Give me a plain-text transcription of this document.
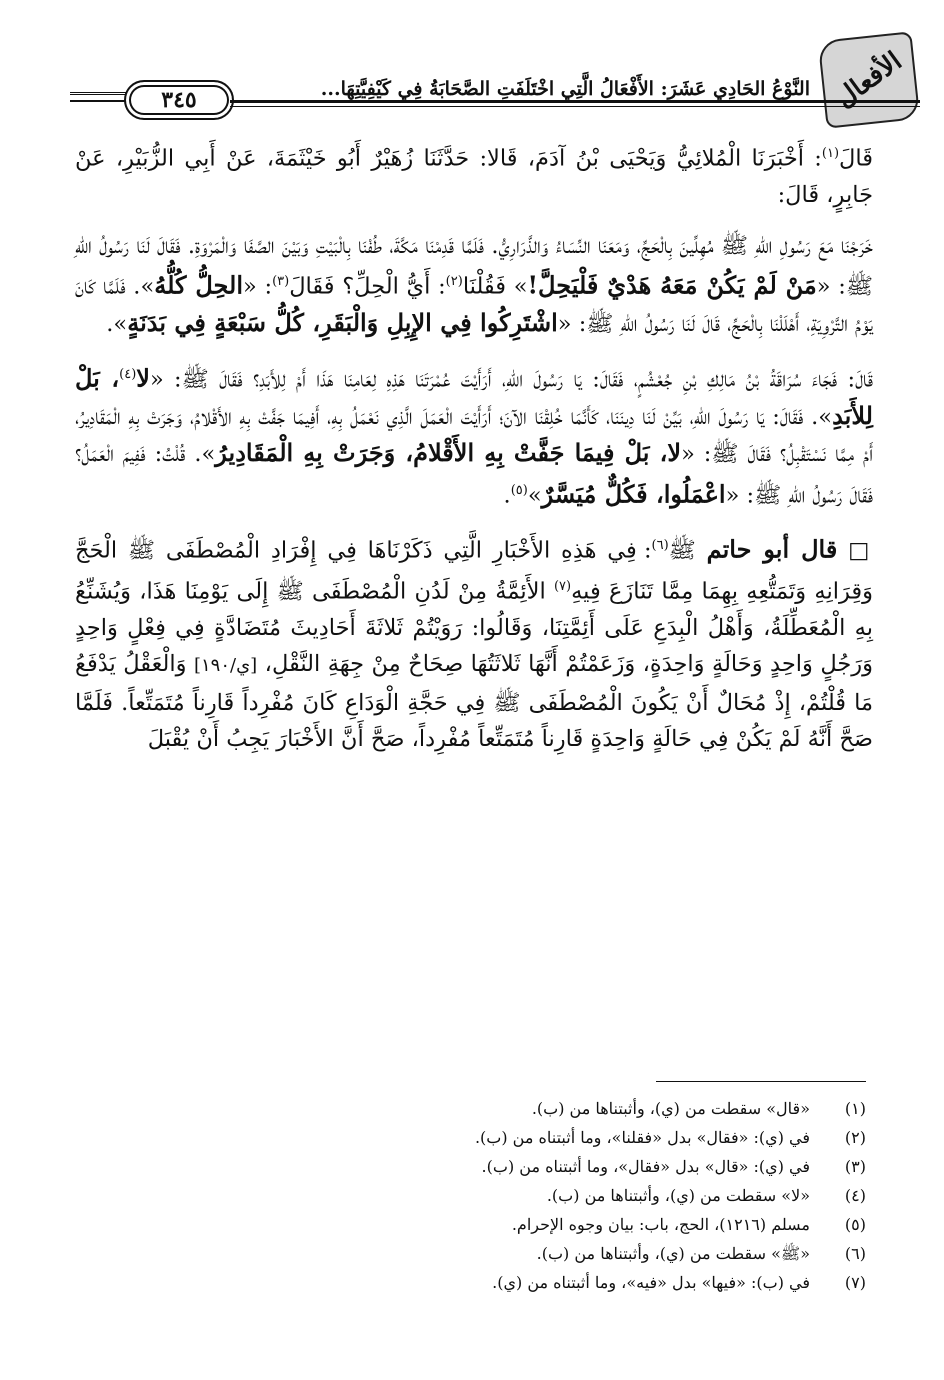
الأفعال
النَّوْعُ الحَادِي عَشَرَ: الأَفْعَالُ الَّتِي اخْتَلَفَتِ الصَّحَابَةُ فِي كَيْفِيَّتِهَا...
٣٤٥

قَالَ$^{(١)}$: أَخْبَرَنَا الْمُلائِيُّ وَيَحْيَى بْنُ آدَمَ، قَالا: حَدَّثَنَا زُهَيْرٌ أَبُو خَيْثَمَةَ، عَنْ أَبِي الزُّبَيْرِ، عَنْ جَابِرٍ، قَالَ:

خَرَجْنَا مَعَ رَسُولِ اللهِ ﷺ مُهِلِّينَ بِالْحَجِّ، وَمَعَنَا النِّسَاءُ وَالذَّرَارِيُّ. فَلَمَّا قَدِمْنَا مَكَّةَ، طُفْنَا بِالْبَيْتِ وَبَيْنَ الصَّفَا وَالْمَرْوَةِ. فَقَالَ لَنَا رَسُولُ اللهِ ﷺ: «مَنْ لَمْ يَكُنْ مَعَهُ هَدْيٌ فَلْيَحِلَّ!» فَقُلْنَا$^{(٢)}$: أَيُّ الْحِلِّ؟ فَقَالَ$^{(٣)}$: «الحِلُّ كُلُّهُ». فَلَمَّا كَانَ يَوْمُ التَّرْوِيَةِ، أَهْلَلْنَا بِالْحَجِّ، قَالَ لَنَا رَسُولُ اللهِ ﷺ: «اشْتَرِكُوا فِي الإِبِلِ وَالْبَقَرِ، كُلُّ سَبْعَةٍ فِي بَدَنَةٍ».

قَالَ: فَجَاءَ سُرَاقَةُ بْنُ مَالِكِ بْنِ جُعْشُمٍ، فَقَالَ: يَا رَسُولَ اللهِ، أَرَأَيْتَ عُمْرَتَنَا هَذِهِ لِعَامِنَا هَذَا أَمْ لِلأَبَدِ؟ فَقَالَ ﷺ: «لا$^{(٤)}$، بَلْ لِلأَبَدِ». فَقَالَ: يَا رَسُولَ اللهِ، بَيِّنْ لَنَا دِينَنَا، كَأَنَّمَا خُلِقْنَا الآنَ؛ أَرَأَيْتَ الْعَمَلَ الَّذِي نَعْمَلُ بِهِ، أَفِيمَا جَفَّتْ بِهِ الأَقْلامُ، وَجَرَتْ بِهِ الْمَقَادِيرُ، أَمْ مِمَّا نَسْتَقْبِلُ؟ فَقَالَ ﷺ: «لا، بَلْ فِيمَا جَفَّتْ بِهِ الأَقْلامُ، وَجَرَتْ بِهِ الْمَقَادِيرُ». قُلْتُ: فَفِيمَ الْعَمَلُ؟ فَقَالَ رَسُولُ اللهِ ﷺ: «اعْمَلُوا، فَكُلٌّ مُيَسَّرٌ»$^{(٥)}$.

□ قال أبو حاتم ﷺ$^{(٦)}$: فِي هَذِهِ الأَخْبَارِ الَّتِي ذَكَرْنَاهَا فِي إِفْرَادِ الْمُصْطَفَى ﷺ الْحَجَّ وَقِرَانِهِ وَتَمَتُّعِهِ بِهِمَا مِمَّا تَنَازَعَ فِيهِ$^{(٧)}$ الأَئِمَّةُ مِنْ لَدُنِ الْمُصْطَفَى ﷺ إِلَى يَوْمِنَا هَذَا، وَيُشَنِّعُ بِهِ الْمُعَطِّلَةُ، وَأَهْلُ الْبِدَعِ عَلَى أَئِمَّتِنَا، وَقَالُوا: رَوَيْتُمْ ثَلاثَةَ أَحَادِيثَ مُتَضَادَّةٍ فِي فِعْلٍ وَاحِدٍ وَرَجُلٍ وَاحِدٍ وَحَالَةٍ وَاحِدَةٍ، وَزَعَمْتُمْ أَنَّهَا ثَلاثَتُهَا صِحَاحٌ مِنْ جِهَةِ النَّقْلِ، [ي/١٩٠] وَالْعَقْلُ يَدْفَعُ مَا قُلْتُمْ، إِذْ مُحَالٌ أَنْ يَكُونَ الْمُصْطَفَى ﷺ فِي حَجَّةِ الْوَدَاعِ كَانَ مُفْرِداً قَارِناً مُتَمَتِّعاً. فَلَمَّا صَحَّ أَنَّهُ لَمْ يَكُنْ فِي حَالَةٍ وَاحِدَةٍ قَارِناً مُتَمَتِّعاً مُفْرِداً، صَحَّ أَنَّ الأَخْبَارَ يَجِبُ أَنْ يُقْبَلَ

(١)
«قال» سقطت من (ي)، وأثبتناها من (ب).
(٢)
في (ي): «فقال» بدل «فقلنا»، وما أثبتناه من (ب).
(٣)
في (ي): «قال» بدل «فقال»، وما أثبتناه من (ب).
(٤)
«لا» سقطت من (ي)، وأثبتناها من (ب).
(٥)
مسلم (١٢١٦)، الحج، باب: بيان وجوه الإحرام.
(٦)
«ﷺ» سقطت من (ي)، وأثبتناها من (ب).
(٧)
في (ب): «فيها» بدل «فيه»، وما أثبتناه من (ي).
